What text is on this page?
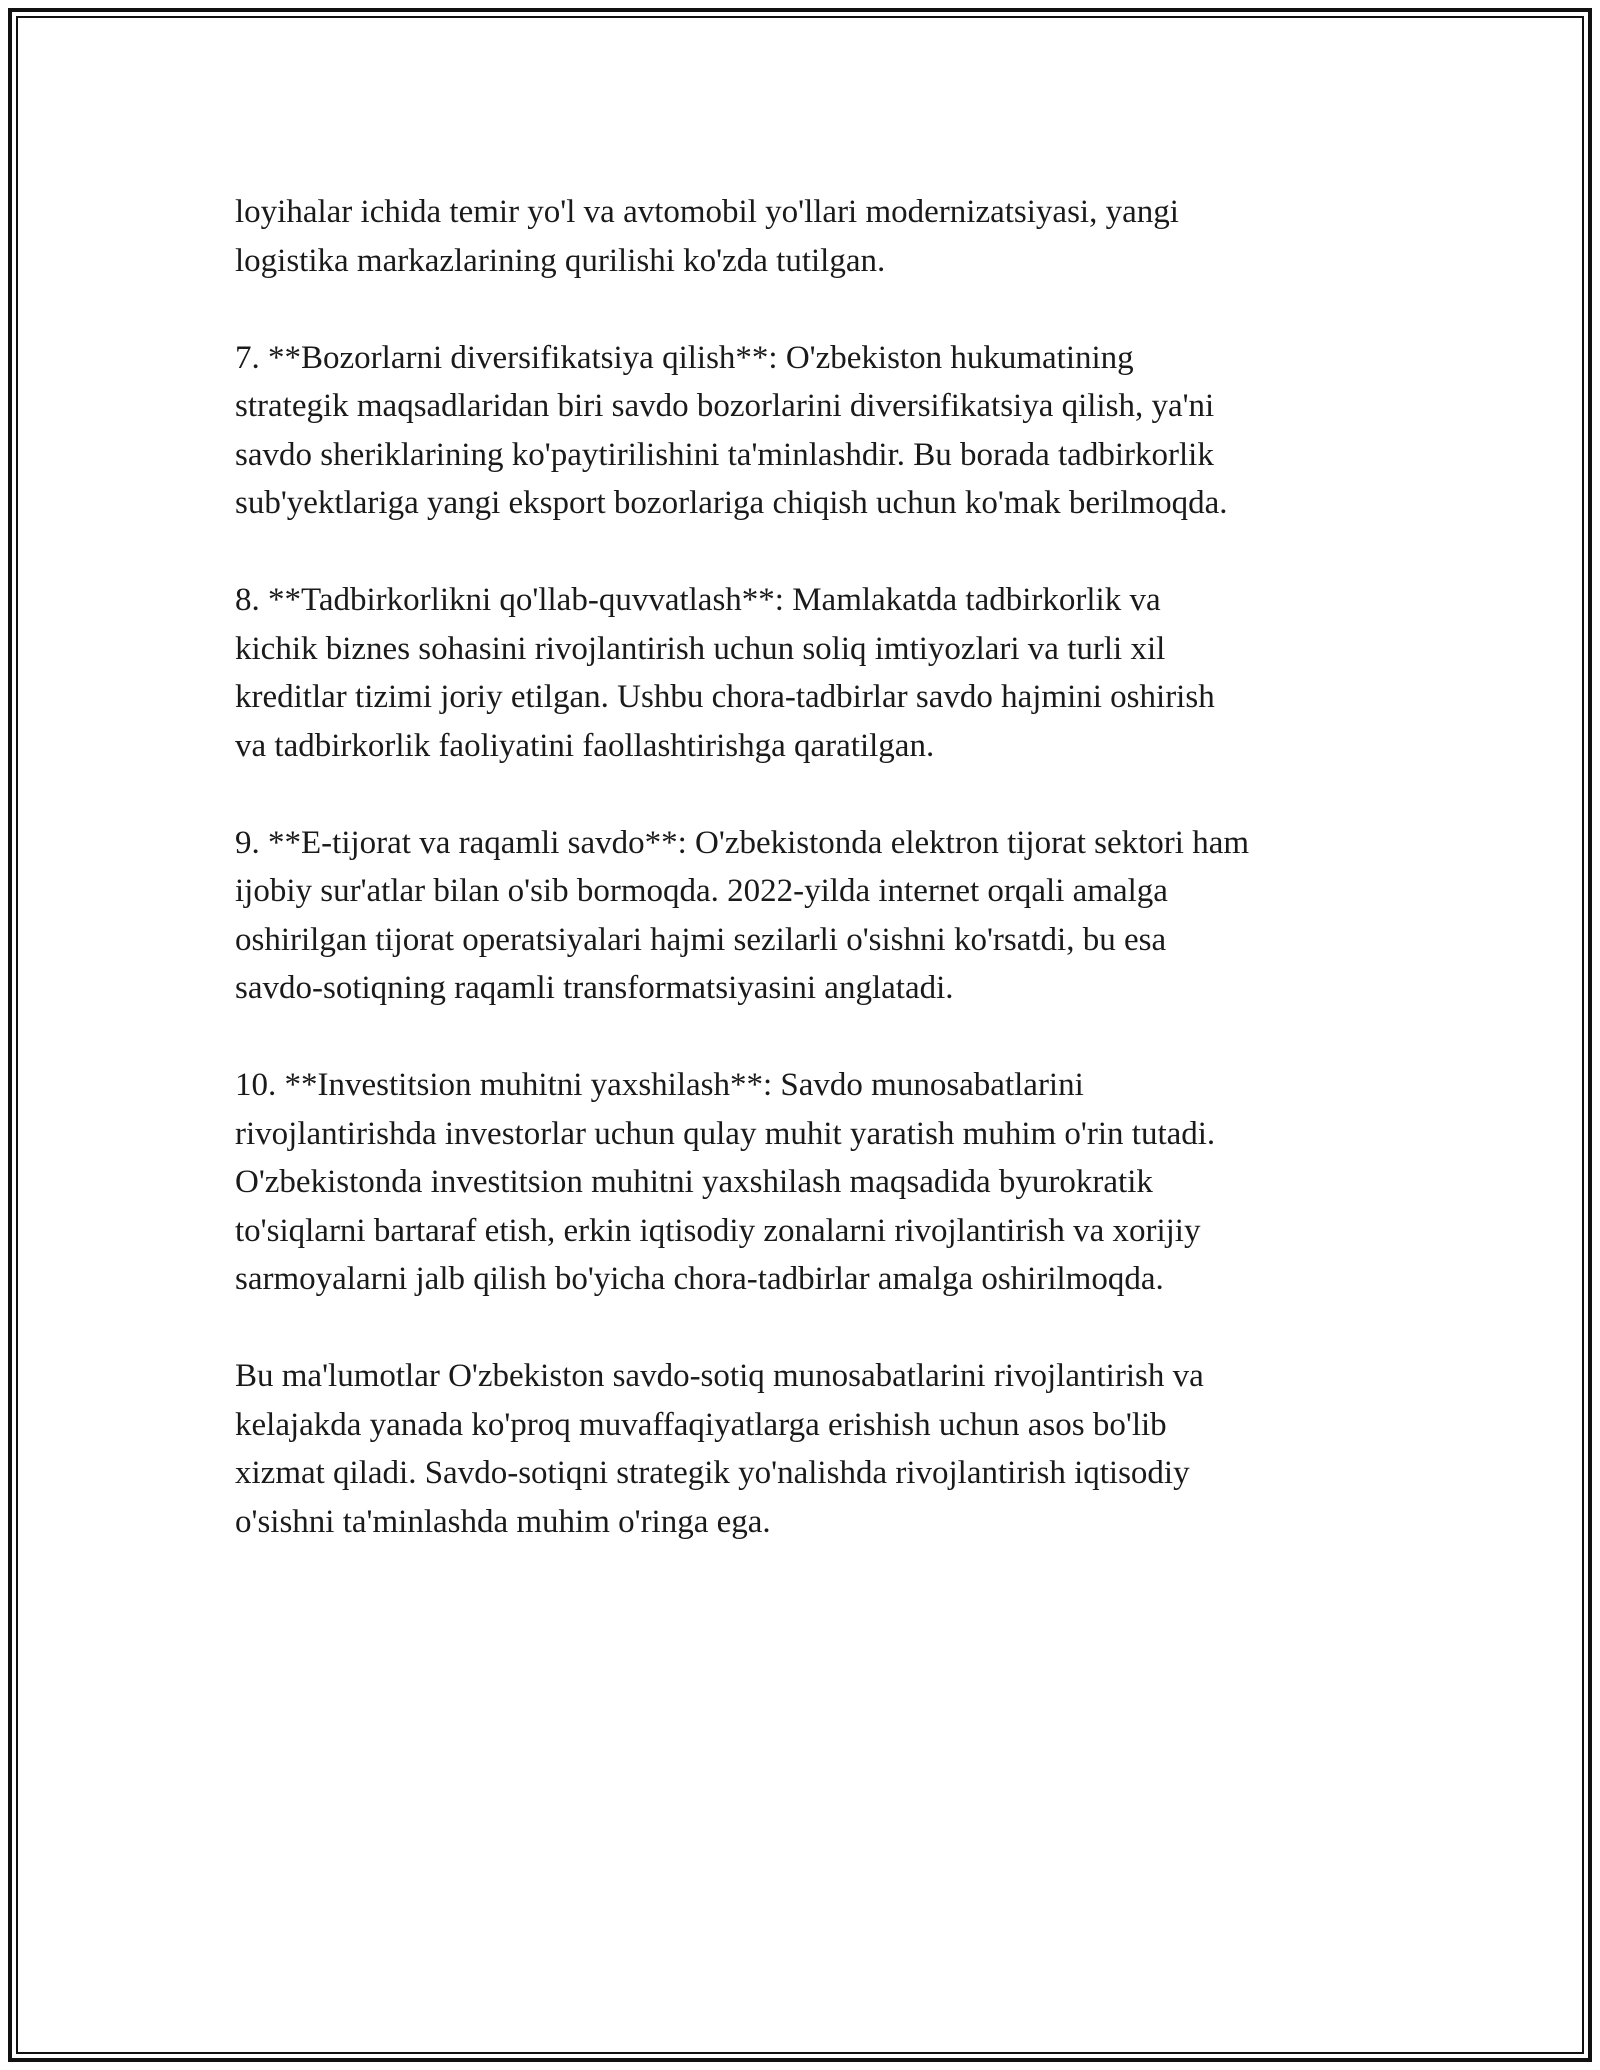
loyihalar ichida temir yo'l va avtomobil yo'llari modernizatsiyasi, yangi
logistika markazlarining qurilishi ko'zda tutilgan.

7. **Bozorlarni diversifikatsiya qilish**: O'zbekiston hukumatining
strategik maqsadlaridan biri savdo bozorlarini diversifikatsiya qilish, ya'ni
savdo sheriklarining ko'paytirilishini ta'minlashdir. Bu borada tadbirkorlik
sub'yektlariga yangi eksport bozorlariga chiqish uchun ko'mak berilmoqda.

8. **Tadbirkorlikni qo'llab-quvvatlash**: Mamlakatda tadbirkorlik va
kichik biznes sohasini rivojlantirish uchun soliq imtiyozlari va turli xil
kreditlar tizimi joriy etilgan. Ushbu chora-tadbirlar savdo hajmini oshirish
va tadbirkorlik faoliyatini faollashtirishga qaratilgan.

9. **E-tijorat va raqamli savdo**: O'zbekistonda elektron tijorat sektori ham
ijobiy sur'atlar bilan o'sib bormoqda. 2022-yilda internet orqali amalga
oshirilgan tijorat operatsiyalari hajmi sezilarli o'sishni ko'rsatdi, bu esa
savdo-sotiqning raqamli transformatsiyasini anglatadi.

10. **Investitsion muhitni yaxshilash**: Savdo munosabatlarini
rivojlantirishda investorlar uchun qulay muhit yaratish muhim o'rin tutadi.
O'zbekistonda investitsion muhitni yaxshilash maqsadida byurokratik
to'siqlarni bartaraf etish, erkin iqtisodiy zonalarni rivojlantirish va xorijiy
sarmoyalarni jalb qilish bo'yicha chora-tadbirlar amalga oshirilmoqda.

Bu ma'lumotlar O'zbekiston savdo-sotiq munosabatlarini rivojlantirish va
kelajakda yanada ko'proq muvaffaqiyatlarga erishish uchun asos bo'lib
xizmat qiladi. Savdo-sotiqni strategik yo'nalishda rivojlantirish iqtisodiy
o'sishni ta'minlashda muhim o'ringa ega.
